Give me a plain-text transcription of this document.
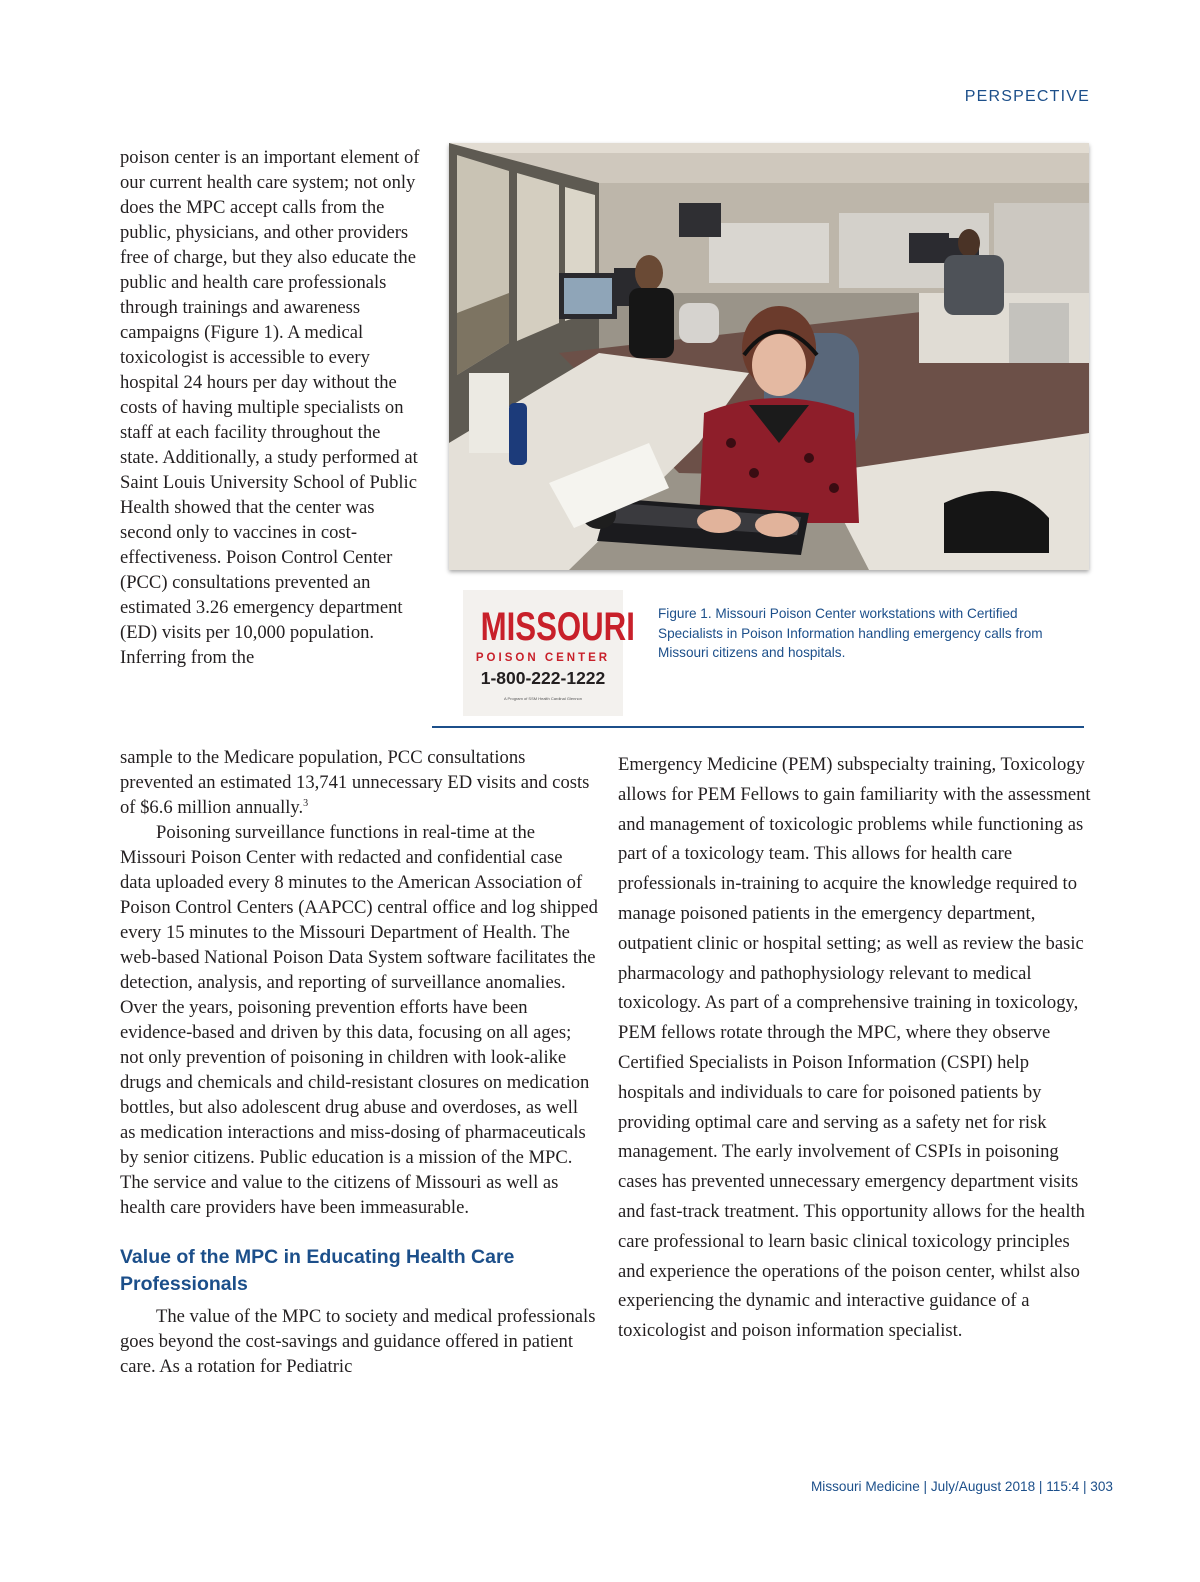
PERSPECTIVE

poison center is an important element of our current health care system; not only does the MPC accept calls from the public, physicians, and other providers free of charge, but they also educate the public and health care professionals through trainings and awareness campaigns (Figure 1). A medical toxicologist is accessible to every hospital 24 hours per day without the costs of having multiple specialists on staff at each facility throughout the state. Additionally, a study performed at Saint Louis University School of Public Health showed that the center was second only to vaccines in cost-effectiveness. Poison Control Center (PCC) consultations prevented an estimated 3.26 emergency department (ED) visits per 10,000 population. Inferring from the

MISSOURI
POISON CENTER
1-800-222-1222
A Program of SSM Health Cardinal Glennon

Figure 1. Missouri Poison Center workstations with Certified Specialists in Poison Information handling emergency calls from Missouri citizens and hospitals.

sample to the Medicare population, PCC consultations prevented an estimated 13,741 unnecessary ED visits and costs of $6.6 million annually.$^3$

Poisoning surveillance functions in real-time at the Missouri Poison Center with redacted and confidential case data uploaded every 8 minutes to the American Association of Poison Control Centers (AAPCC) central office and log shipped every 15 minutes to the Missouri Department of Health. The web-based National Poison Data System software facilitates the detection, analysis, and reporting of surveillance anomalies. Over the years, poisoning prevention efforts have been evidence-based and driven by this data, focusing on all ages; not only prevention of poisoning in children with look-alike drugs and chemicals and child-resistant closures on medication bottles, but also adolescent drug abuse and overdoses, as well as medication interactions and miss-dosing of pharmaceuticals by senior citizens. Public education is a mission of the MPC. The service and value to the citizens of Missouri as well as health care providers have been immeasurable.

Value of the MPC in Educating Health Care Professionals

The value of the MPC to society and medical professionals goes beyond the cost-savings and guidance offered in patient care. As a rotation for Pediatric

Emergency Medicine (PEM) subspecialty training, Toxicology allows for PEM Fellows to gain familiarity with the assessment and management of toxicologic problems while functioning as part of a toxicology team. This allows for health care professionals in-training to acquire the knowledge required to manage poisoned patients in the emergency department, outpatient clinic or hospital setting; as well as review the basic pharmacology and pathophysiology relevant to medical toxicology. As part of a comprehensive training in toxicology, PEM fellows rotate through the MPC, where they observe Certified Specialists in Poison Information (CSPI) help hospitals and individuals to care for poisoned patients by providing optimal care and serving as a safety net for risk management. The early involvement of CSPIs in poisoning cases has prevented unnecessary emergency department visits and fast-track treatment. This opportunity allows for the health care professional to learn basic clinical toxicology principles and experience the operations of the poison center, whilst also experiencing the dynamic and interactive guidance of a toxicologist and poison information specialist.

Missouri Medicine | July/August 2018 | 115:4 | 303
